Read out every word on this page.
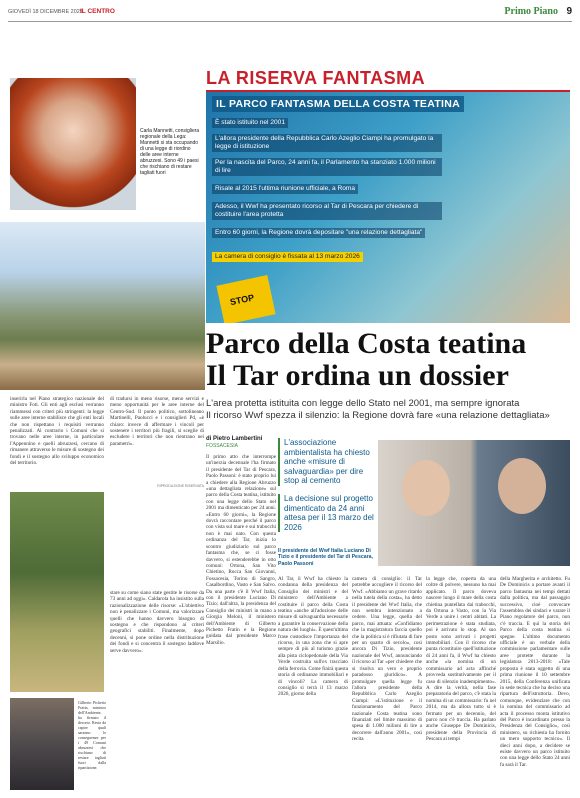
GIOVEDÌ 18 DICEMBRE 2025
IL CENTRO	Primo Piano 9
LA RISERVA FANTASMA
Carla Mannetti, consigliera regionale della Lega: Mannetti si sta occupando di una legge di riordino delle aree interne abruzzesi. Sono 49 i paesi che rischiano di restare tagliati fuori
IL PARCO FANTASMA DELLA COSTA TEATINA
È stato istituito nel 2001
L'allora presidente della Repubblica Carlo Azeglio Ciampi ha promulgato la legge di istituzione
Per la nascita del Parco, 24 anni fa, il Parlamento ha stanziato 1.000 milioni di lire
Risale al 2015 l'ultima riunione ufficiale, a Roma
Adesso, il Wwf ha presentato ricorso al Tar di Pescara per chiedere di costituire l'area protetta
Entro 60 giorni, la Regione dovrà depositare "una relazione dettagliata"
La camera di consiglio è fissata al 13 marzo 2026
STOP
inserirla nel Piano strategico nazionale del ministro Foti. Gli enti agli esclusi verranno riammessi con criteri più stringenti: la legge sulle aree interne stabilisce che gli enti locali che non rispettano i requisiti verranno penalizzati. Al contrario i Comuni che si trovano nelle aree interne, in particolare l'Appennino e quelli abruzzesi, cercano di rimanere attraverso le misure di sostegno dei fondi e il sostegno allo sviluppo economico del territorio.
di tradursi in meno risorse, meno servizi e meno opportunità per le aree interne del Centro-Sud. Il punto politico, sottolineano Martinelli, Paolucci e i consiglieri Pd, «è chiaro: invece di affermare i vincoli per sostenere i territori più fragili, si sceglie di escludere i territori che non rientrano nei parametri».
RIPRODUZIONE RISERVATA
stare su come siano state gestite le risorse da 73 anni ad oggi». Caldarola ha insistito sulla razionalizzazione delle risorse: «L'obiettivo non è penalizzare i Comuni, ma valorizzare quelli che hanno davvero bisogno di sostegno e che rispondono ai criteri geografici stabiliti. Finalmente, dopo decenni, si pone ordine nella distribuzione dei fondi e si concentra il sostegno laddove serve davvero».
Gilberto Pichetto Fratin, ministro dell'Ambiente, ha firmato il decreto. Resta da capire quali saranno le conseguenze per i 49 Comuni abruzzesi che rischiano di restare tagliati fuori dalla ripartizione.
Parco della Costa teatina
Il Tar ordina un dossier
L'area protetta istituita con legge dello Stato nel 2001, ma sempre ignorata
Il ricorso Wwf spezza il silenzio: la Regione dovrà fare «una relazione dettagliata»
di Pietro Lambertini
FOSSACESIA	L'associazione ambientalista ha chiesto anche «misure di salvaguardia» per dire stop al cemento
La decisione sul progetto dimenticato da 24 anni attesa per il 13 marzo del 2026
Il presidente del Wwf Italia Luciano Di Tizio e il presidente del Tar di Pescara, Paolo Passoni
Il primo atto che interrompe un'inerzia decennale l'ha firmato il presidente del Tar di Pescara, Paolo Passoni: è stato proprio lui a chiedere alla Regione Abruzzo «una dettagliata relazione» sul parco della Costa teatina, istituito con una legge dello Stato nel 2001 ma dimenticato per 24 anni. «Entro 60 giorni», la Regione dovrà raccontare perché il parco con vista sul mare e sui trabocchi non è mai nato. Con questa ordinanza del Tar, inizia lo scontro giudiziario sul parco fantasma che, se ci fosse davvero, si estenderebbe in otto comuni: Ortona, San Vito Chietino, Rocca San Giovanni, Fossacesia, Torino di Sangro, Casalbordino, Vasto e San Salvo. Da una parte c'è il Wwf Italia, con il presidente Luciano Di Tizio; dall'altra, la presidenza del Consiglio dei ministri in mano a Giorgia Meloni, il ministero dell'Ambiente di Gilberto Pichetto Fratin e la Regione guidata dal presidente Marco Marsilio.
Al Tar, il Wwf ha chiesto la condanna della presidenza del Consiglio dei ministri e del ministero dell'Ambiente a costituire il parco della Costa teatina «anche all'adozione delle misure di salvaguardia necessarie a garantire la conservazione della natura dei luoghi». È quest'ultima frase custodisce l'importanza del ricorso, in una zona che si apre sempre di più al turismo grazie alla pista ciclopedonale della Via Verde costruita sull'ex tracciato della ferrovia. Come finirà questa storia di ordinanze immobiliari e di vincoli? La camera di consiglio si terrà il 13 marzo 2026, giorno della
camera di consiglio: il Tar potrebbe accogliere il ricorso del Wwf. «Abbiamo un grave ritardo nella tutela della costa», ha detto il presidente del Wwf Italia, che non sembra intenzionato a cedere. Una legge, quella del parco, mai attuata: «Confidiamo che la magistratura faccia quello che la politica si è rifiutata di fare per un quarto di secolo», così ancora Di Tizio, presidente nazionale del Wwf, annunciando il ricorso al Tar «per chiedere che si risolva un vero e proprio paradosso giuridico». A promulgare quella legge fu l'allora presidente della Repubblica Carlo Azeglio Ciampi: «L'istituzione e il funzionamento del Parco nazionale Costa teatina sono finanziati nel limite massimo di spesa di 1.000 milioni di lire a decorrere dall'anno 2001», così recita
la legge che, coperta da una coltre di polvere, nessuno ha mai applicato. Il parco doveva nascere lungo il mare della costa chietina puntellata dai trabocchi, da Ortona a Vasto, con la Via Verde a unire i centri abitati. La perimetrazione è stata studiata, poi è arrivato lo stop. Al suo posto sono arrivati i progetti immobiliari. Con il ricorso che punta ricostituire quell'istituzione di 24 anni fa, il Wwf ha chiesto anche «la nomina di un commissario ad acta affinché provveda sostitutivamente per il caso di silenzio inadempimento». A dire la verità, nella fase preparatoria del parco, c'è stata la nomina di un commissario: fu nel 2014, ma da allora tutto si è fermato per un decennio, del parco non c'è traccia. Ha parlato anche Giuseppe De Dominicis, presidente della Provincia di Pescara ai tempi
della Margherita e architetto. Fu De Dominicis a portare avanti il parco fantasma nei tempi dettati dalla politica, ma dal passaggio successivo, cioè convocare l'assemblea dei sindaci e varare il Piano regolatore del parco, non c'è traccia. E qui la storia del Parco della costa teatina si spegne. L'ultimo documento ufficiale è un verbale della commissione parlamentare sulle aree protette durante la legislatura 2013-2018: «Tale proposta è stata oggetto di una prima riunione il 10 settembre 2015, della Conferenza unificata in sede tecnica che ha deciso una ripartura dell'istruttoria. Devo, comunque, evidenziare che con la nomina del commissario ad acta il processo monta istitutivo del Parco è incardinato presso la Presidenza del Consiglio», così ministero, su richiesta ha fornito un mero supporto tecnico». Il dieci anni dopo, a decidere se esiste davvero un parco istituito con una legge dello Stato 24 anni fa sarà il Tar.
